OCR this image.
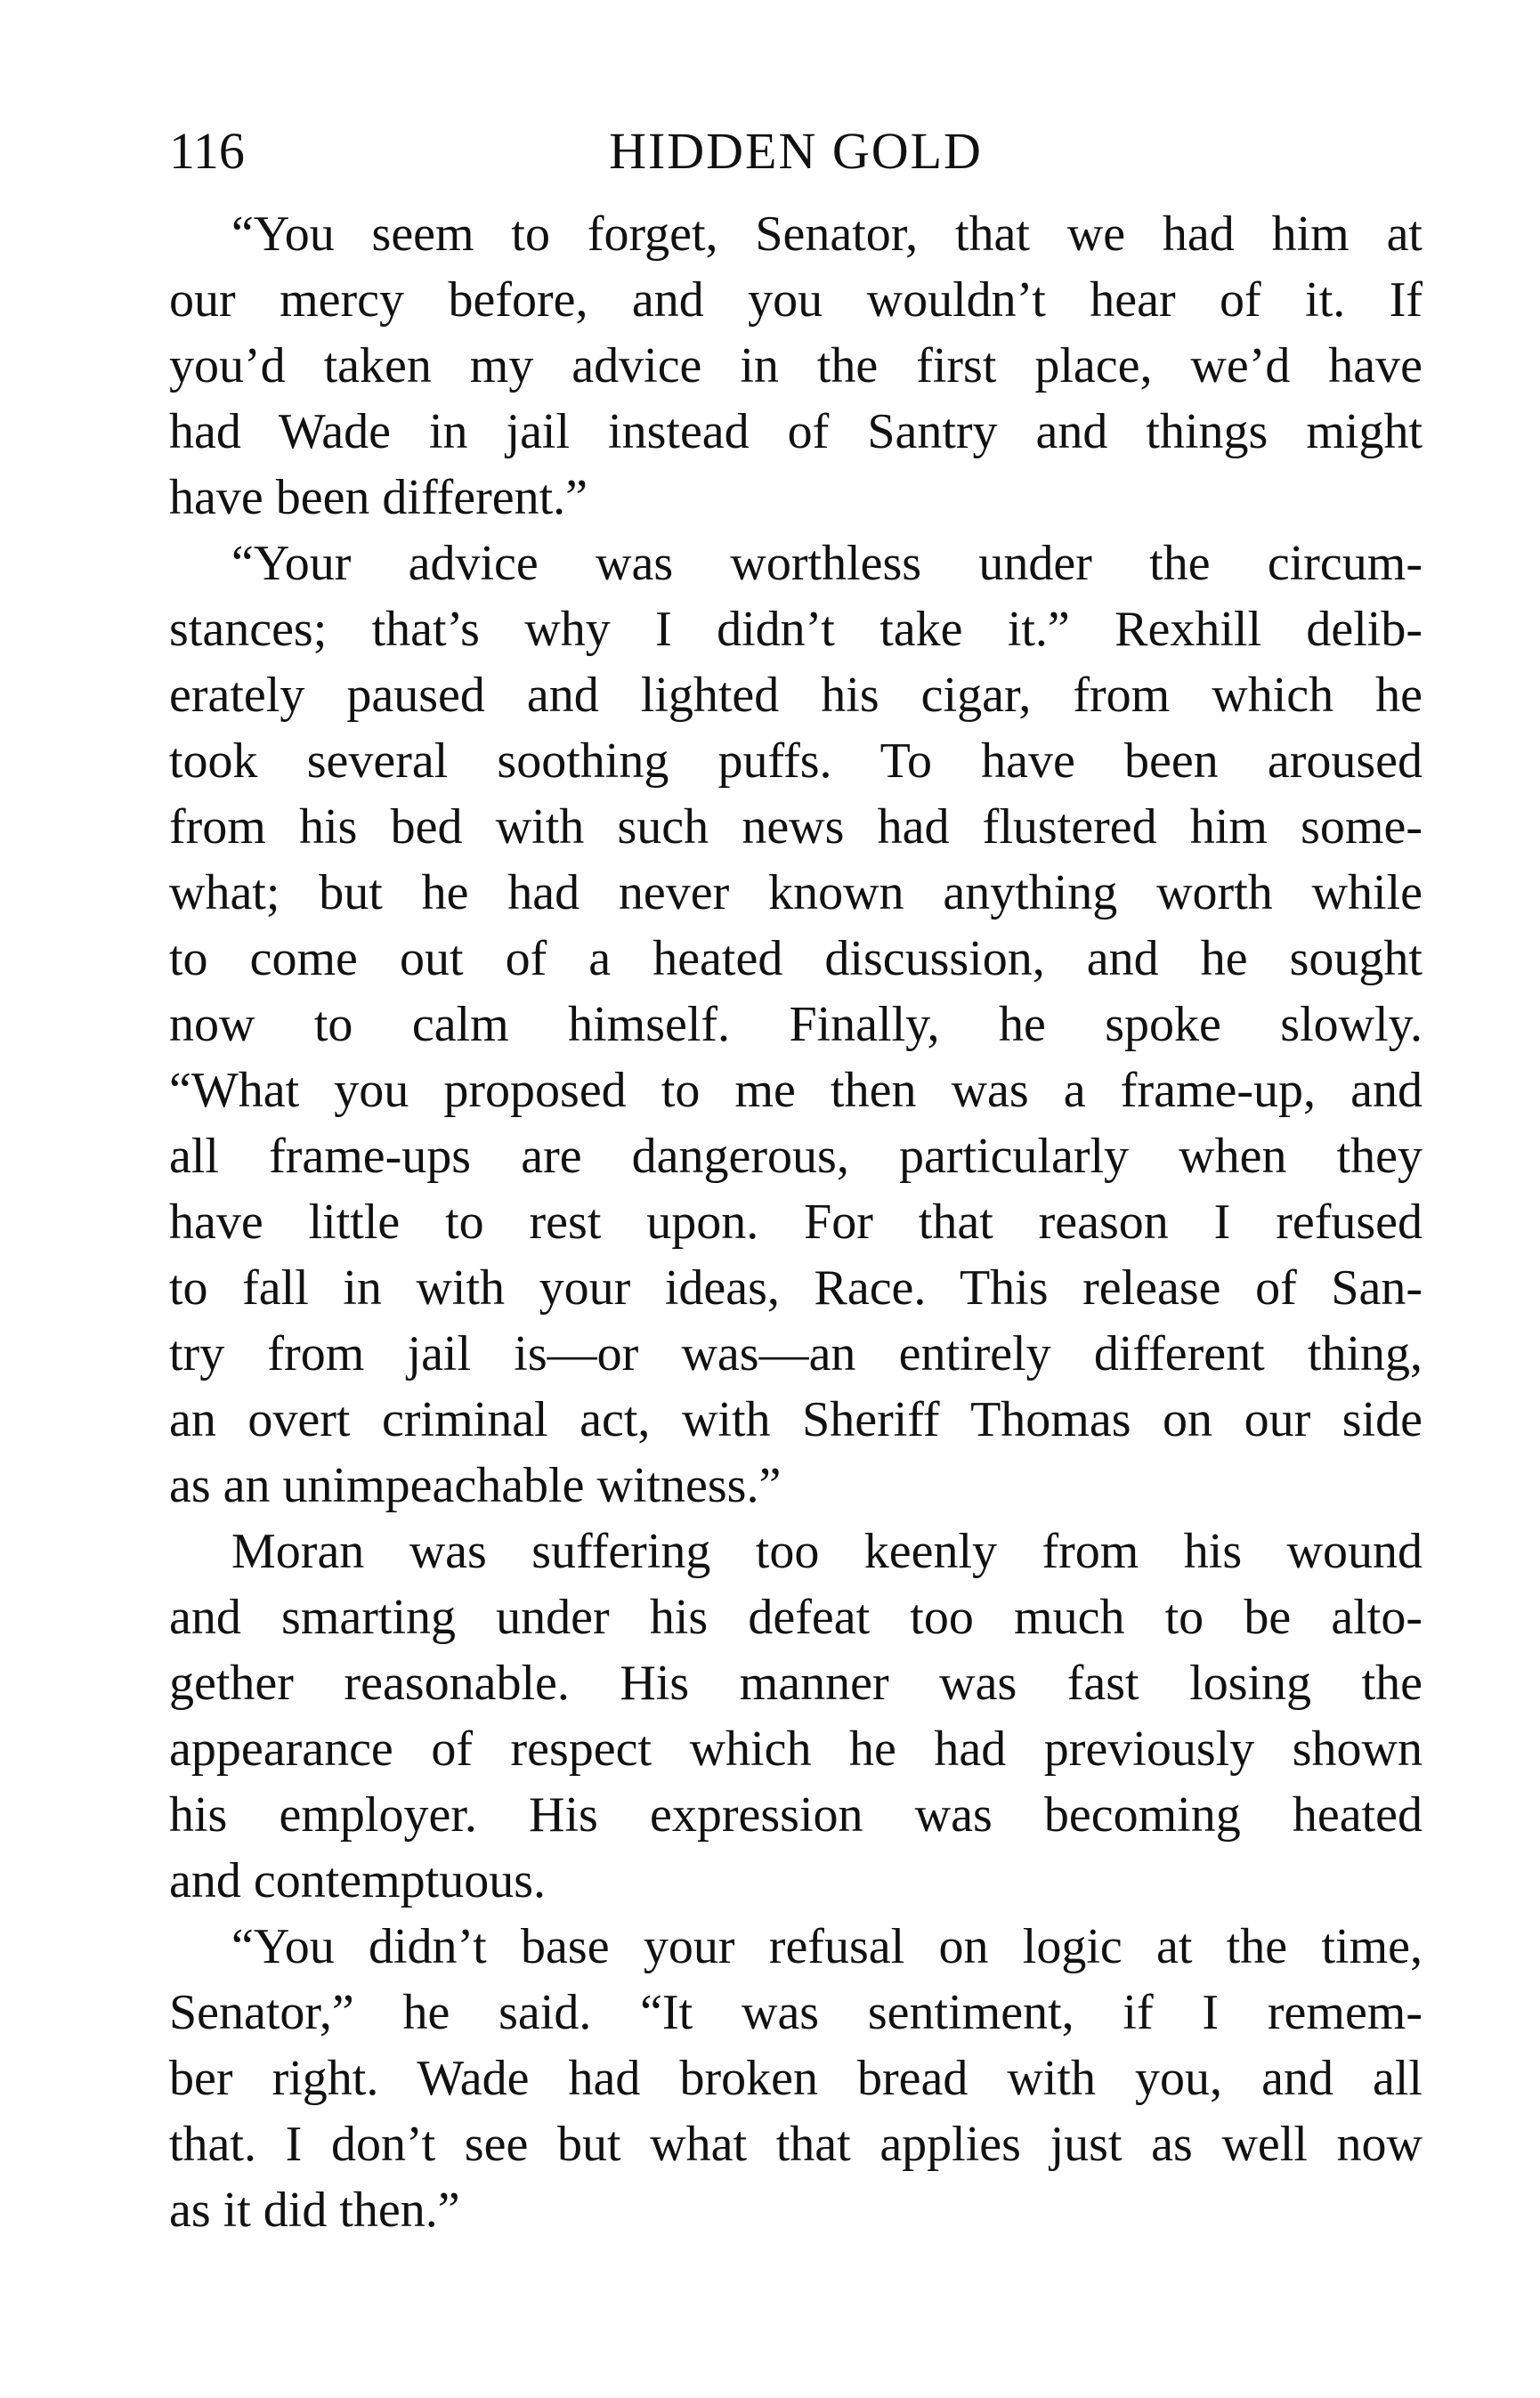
116	HIDDEN GOLD

“You seem to forget, Senator, that we had him at
our mercy before, and you wouldn’t hear of it. If
you’d taken my advice in the first place, we’d have
had Wade in jail instead of Santry and things might
have been different.”

“Your advice was worthless under the circum-
stances; that’s why I didn’t take it.” Rexhill delib-
erately paused and lighted his cigar, from which he
took several soothing puffs. To have been aroused
from his bed with such news had flustered him some-
what; but he had never known anything worth while
to come out of a heated discussion, and he sought
now to calm himself. Finally, he spoke slowly.
“What you proposed to me then was a frame-up, and
all frame-ups are dangerous, particularly when they
have little to rest upon. For that reason I refused
to fall in with your ideas, Race. This release of San-
try from jail is—or was—an entirely different thing,
an overt criminal act, with Sheriff Thomas on our side
as an unimpeachable witness.”

Moran was suffering too keenly from his wound
and smarting under his defeat too much to be alto-
gether reasonable. His manner was fast losing the
appearance of respect which he had previously shown
his employer. His expression was becoming heated
and contemptuous.

“You didn’t base your refusal on logic at the time,
Senator,” he said. “It was sentiment, if I remem-
ber right. Wade had broken bread with you, and all
that. I don’t see but what that applies just as well now
as it did then.”
